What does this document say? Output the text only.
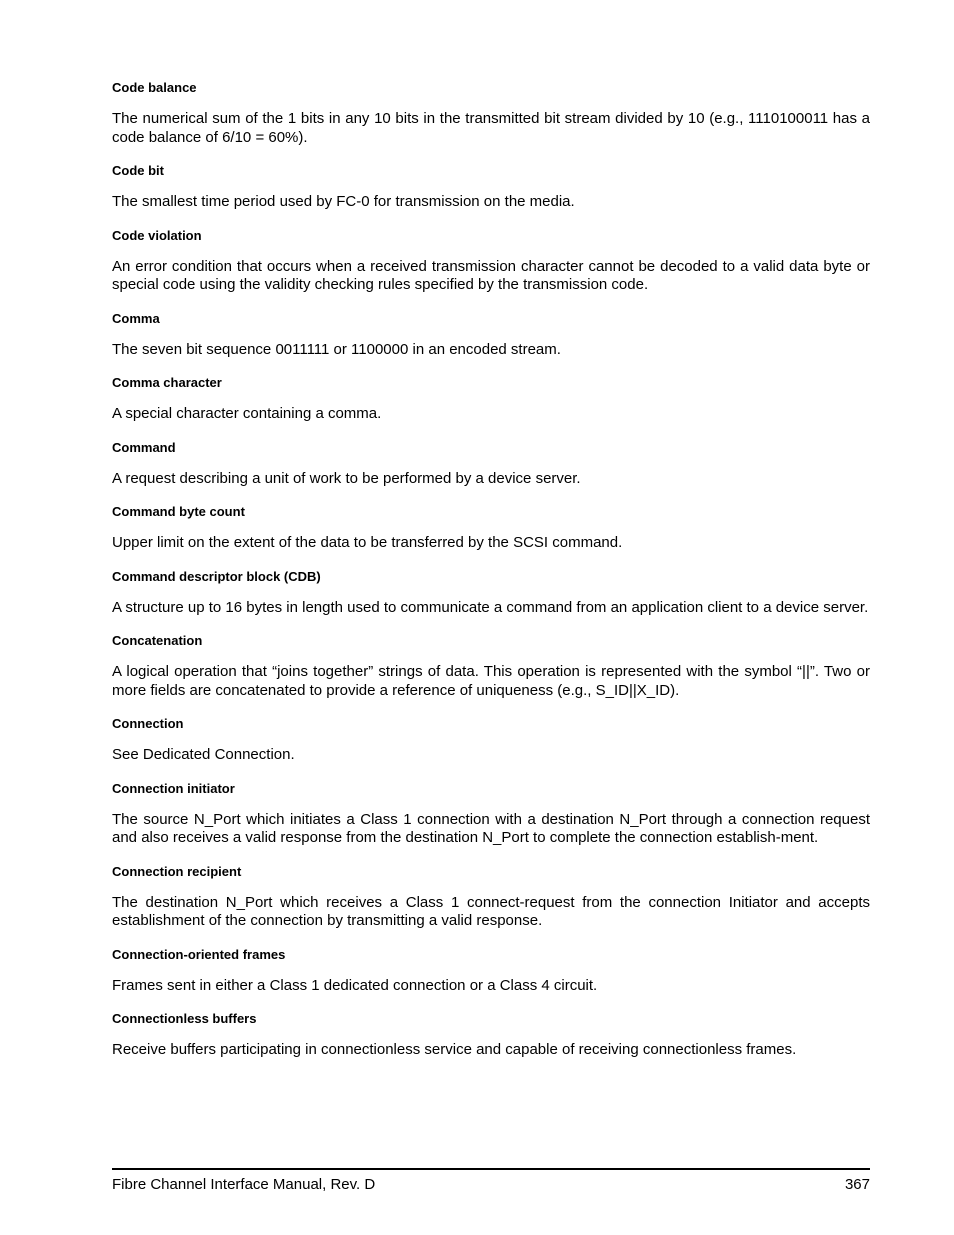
Code balance

The numerical sum of the 1 bits in any 10 bits in the transmitted bit stream divided by 10 (e.g., 1110100011 has a code balance of 6/10 = 60%).

Code bit

The smallest time period used by FC-0 for transmission on the media.

Code violation

An error condition that occurs when a received transmission character cannot be decoded to a valid data byte or special code using the validity checking rules specified by the transmission code.

Comma

The seven bit sequence 0011111 or 1100000 in an encoded stream.

Comma character

A special character containing a comma.

Command

A request describing a unit of work to be performed by a device server.

Command byte count

Upper limit on the extent of the data to be transferred by the SCSI command.

Command descriptor block (CDB)

A structure up to 16 bytes in length used to communicate a command from an application client to a device server.

Concatenation

A logical operation that “joins together” strings of data. This operation is represented with the symbol “||”. Two or more fields are concatenated to provide a reference of uniqueness (e.g., S_ID||X_ID).

Connection

See Dedicated Connection.

Connection initiator

The source N_Port which initiates a Class 1 connection with a destination N_Port through a connection request and also receives a valid response from the destination N_Port to complete the connection establish-ment.

Connection recipient

The destination N_Port which receives a Class 1 connect-request from the connection Initiator and accepts establishment of the connection by transmitting a valid response.

Connection-oriented frames

Frames sent in either a Class 1 dedicated connection or a Class 4 circuit.

Connectionless buffers

Receive buffers participating in connectionless service and capable of receiving connectionless frames.

Fibre Channel Interface Manual, Rev. D	367
